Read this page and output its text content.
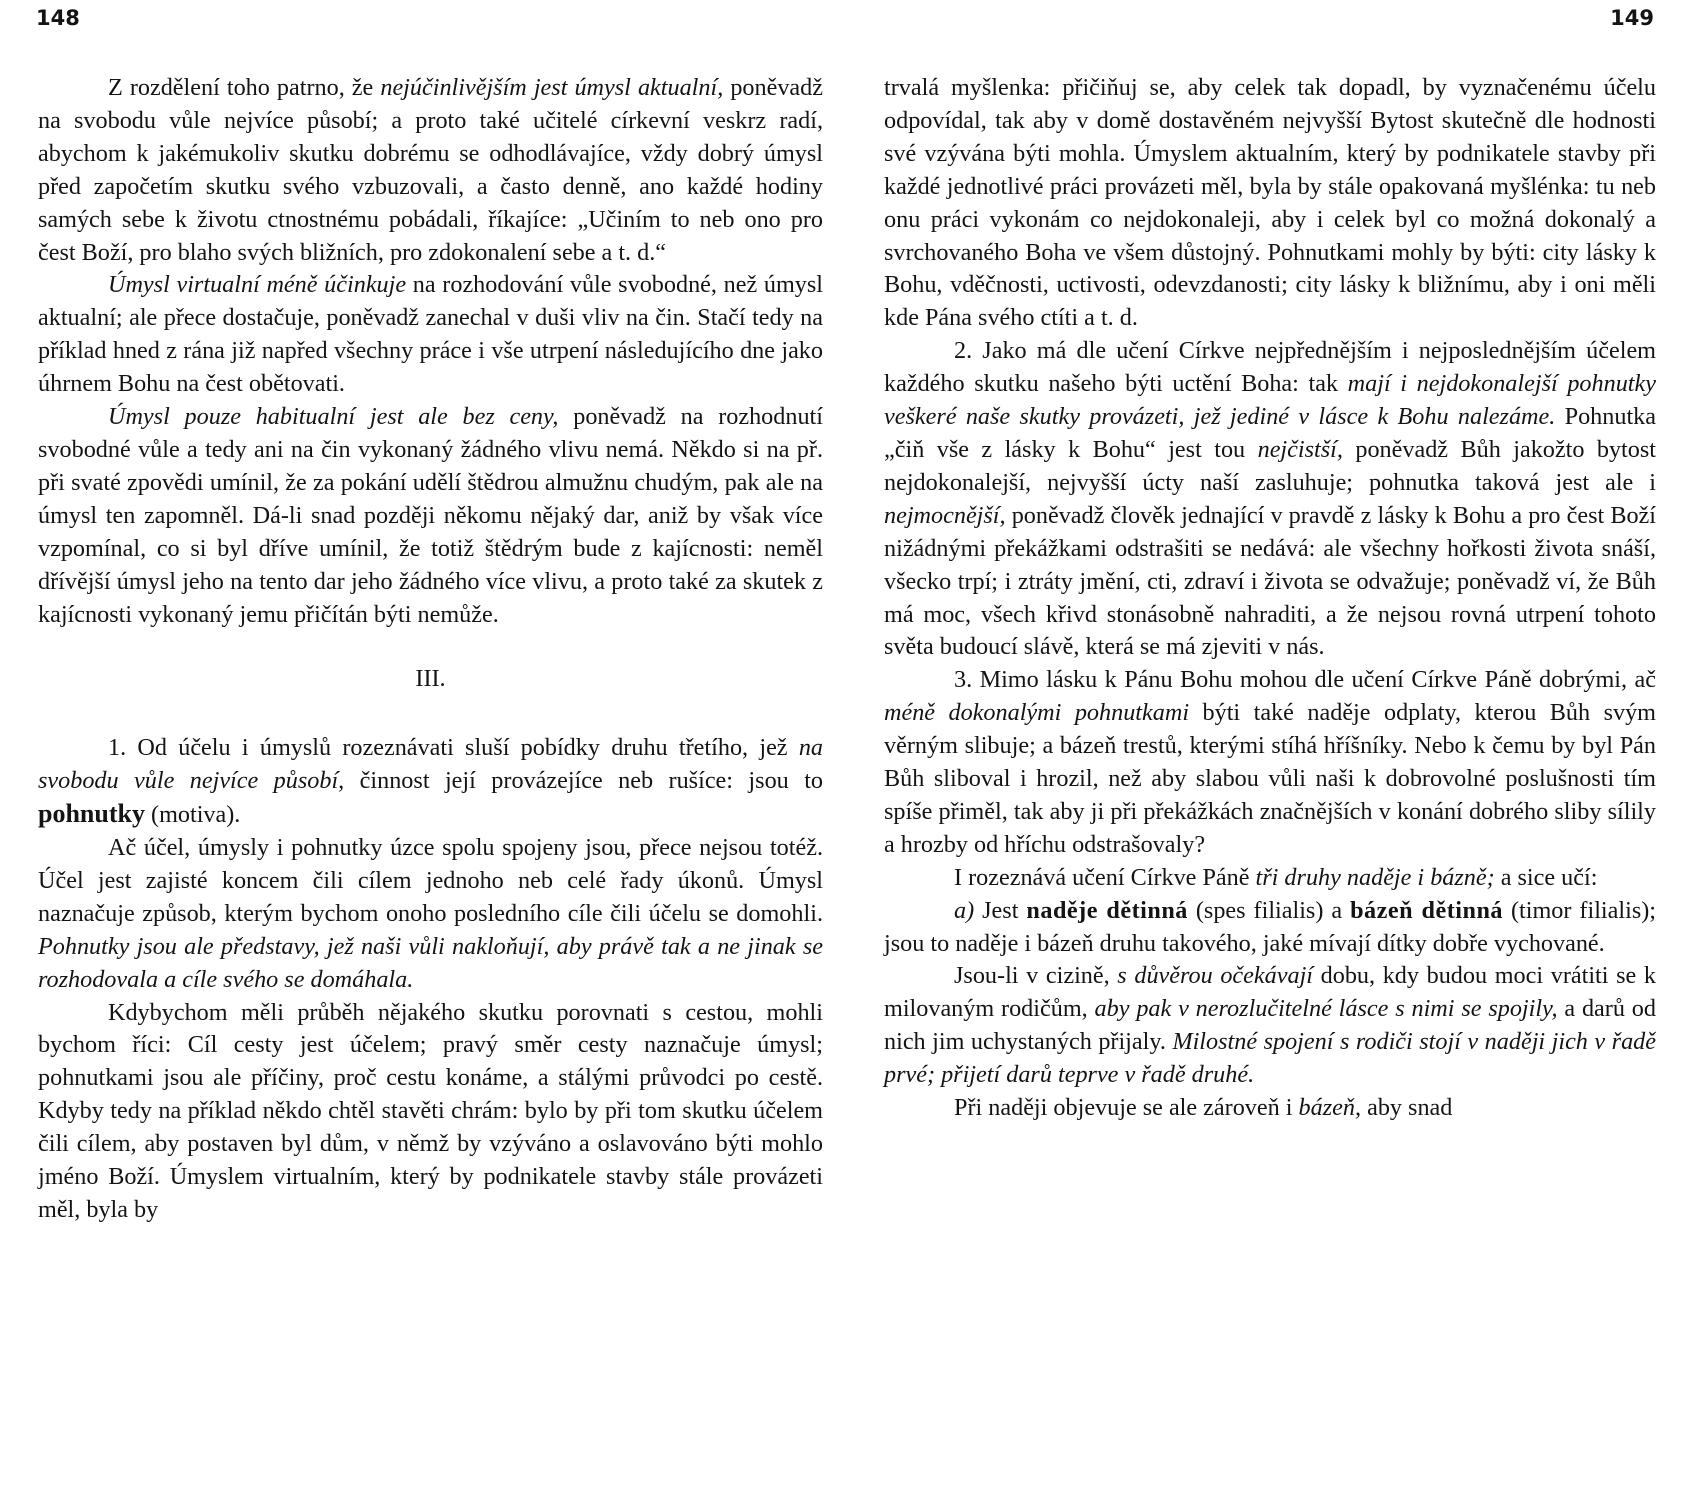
148	149

Z rozdělení toho patrno, že nejúčinlivějším jest úmysl aktualní, poněvadž na svobodu vůle nejvíce působí; a proto také učitelé církevní veskrz radí, abychom k jakémukoliv skutku dobrému se odhodlávajíce, vždy dobrý úmysl před započetím skutku svého vzbuzovali, a často denně, ano každé hodiny samých sebe k životu ctnostnému pobádali, říkajíce: „Učiním to neb ono pro čest Boží, pro blaho svých bližních, pro zdokonalení sebe a t. d.“

Úmysl virtualní méně účinkuje na rozhodování vůle svobodné, než úmysl aktualní; ale přece dostačuje, poněvadž zanechal v duši vliv na čin. Stačí tedy na příklad hned z rána již napřed všechny práce i vše utrpení následujícího dne jako úhrnem Bohu na čest obětovati.

Úmysl pouze habitualní jest ale bez ceny, poněvadž na rozhodnutí svobodné vůle a tedy ani na čin vykonaný žádného vlivu nemá. Někdo si na př. při svaté zpovědi umínil, že za pokání udělí štědrou almužnu chudým, pak ale na úmysl ten zapomněl. Dá-li snad později někomu nějaký dar, aniž by však více vzpomínal, co si byl dříve umínil, že totiž štědrým bude z kajícnosti: neměl dřívější úmysl jeho na tento dar jeho žádného více vlivu, a proto také za skutek z kajícnosti vykonaný jemu přičítán býti nemůže.

III.

1. Od účelu i úmyslů rozeznávati sluší pobídky druhu třetího, jež na svobodu vůle nejvíce působí, činnost její provázejíce neb rušíce: jsou to pohnutky (motiva).

Ač účel, úmysly i pohnutky úzce spolu spojeny jsou, přece nejsou totéž. Účel jest zajisté koncem čili cílem jednoho neb celé řady úkonů. Úmysl naznačuje způsob, kterým bychom onoho posledního cíle čili účelu se domohli. Pohnutky jsou ale představy, jež naši vůli nakloňují, aby právě tak a ne jinak se rozhodovala a cíle svého se domáhala.

Kdybychom měli průběh nějakého skutku porovnati s cestou, mohli bychom říci: Cíl cesty jest účelem; pravý směr cesty naznačuje úmysl; pohnutkami jsou ale příčiny, proč cestu konáme, a stálými průvodci po cestě. Kdyby tedy na příklad někdo chtěl stavěti chrám: bylo by při tom skutku účelem čili cílem, aby postaven byl dům, v němž by vzýváno a oslavováno býti mohlo jméno Boží. Úmyslem virtualním, který by podnikatele stavby stále provázeti měl, byla by

trvalá myšlenka: přičiňuj se, aby celek tak dopadl, by vyznačenému účelu odpovídal, tak aby v domě dostavěném nejvyšší Bytost skutečně dle hodnosti své vzývána býti mohla. Úmyslem aktualním, který by podnikatele stavby při každé jednotlivé práci provázeti měl, byla by stále opakovaná myšlénka: tu neb onu práci vykonám co nejdokonaleji, aby i celek byl co možná dokonalý a svrchovaného Boha ve všem důstojný. Pohnutkami mohly by býti: city lásky k Bohu, vděčnosti, uctivosti, odevzdanosti; city lásky k bližnímu, aby i oni měli kde Pána svého ctíti a t. d.

2. Jako má dle učení Církve nejpřednějším i nejposlednějším účelem každého skutku našeho býti uctění Boha: tak mají i nejdokonalejší pohnutky veškeré naše skutky provázeti, jež jediné v lásce k Bohu nalezáme. Pohnutka „čiň vše z lásky k Bohu“ jest tou nejčistší, poněvadž Bůh jakožto bytost nejdokonalejší, nejvyšší úcty naší zasluhuje; pohnutka taková jest ale i nejmocnější, poněvadž člověk jednající v pravdě z lásky k Bohu a pro čest Boží nižádnými překážkami odstrašiti se nedává: ale všechny hořkosti života snáší, všecko trpí; i ztráty jmění, cti, zdraví i života se odvažuje; poněvadž ví, že Bůh má moc, všech křivd stonásobně nahraditi, a že nejsou rovná utrpení tohoto světa budoucí slávě, která se má zjeviti v nás.

3. Mimo lásku k Pánu Bohu mohou dle učení Církve Páně dobrými, ač méně dokonalými pohnutkami býti také naděje odplaty, kterou Bůh svým věrným slibuje; a bázeň trestů, kterými stíhá hříšníky. Nebo k čemu by byl Pán Bůh sliboval i hrozil, než aby slabou vůli naši k dobrovolné poslušnosti tím spíše přiměl, tak aby ji při překážkách značnějších v konání dobrého sliby sílily a hrozby od hříchu odstrašovaly?

I rozeznává učení Církve Páně tři druhy naděje i bázně; a sice učí:

a) Jest naděje dětinná (spes filialis) a bázeň dětinná (timor filialis); jsou to naděje i bázeň druhu takového, jaké mívají dítky dobře vychované.

Jsou-li v cizině, s důvěrou očekávají dobu, kdy budou moci vrátiti se k milovaným rodičům, aby pak v nerozlučitelné lásce s nimi se spojily, a darů od nich jim uchystaných přijaly. Milostné spojení s rodiči stojí v naději jich v řadě prvé; přijetí darů teprve v řadě druhé.

Při naději objevuje se ale zároveň i bázeň, aby snad
